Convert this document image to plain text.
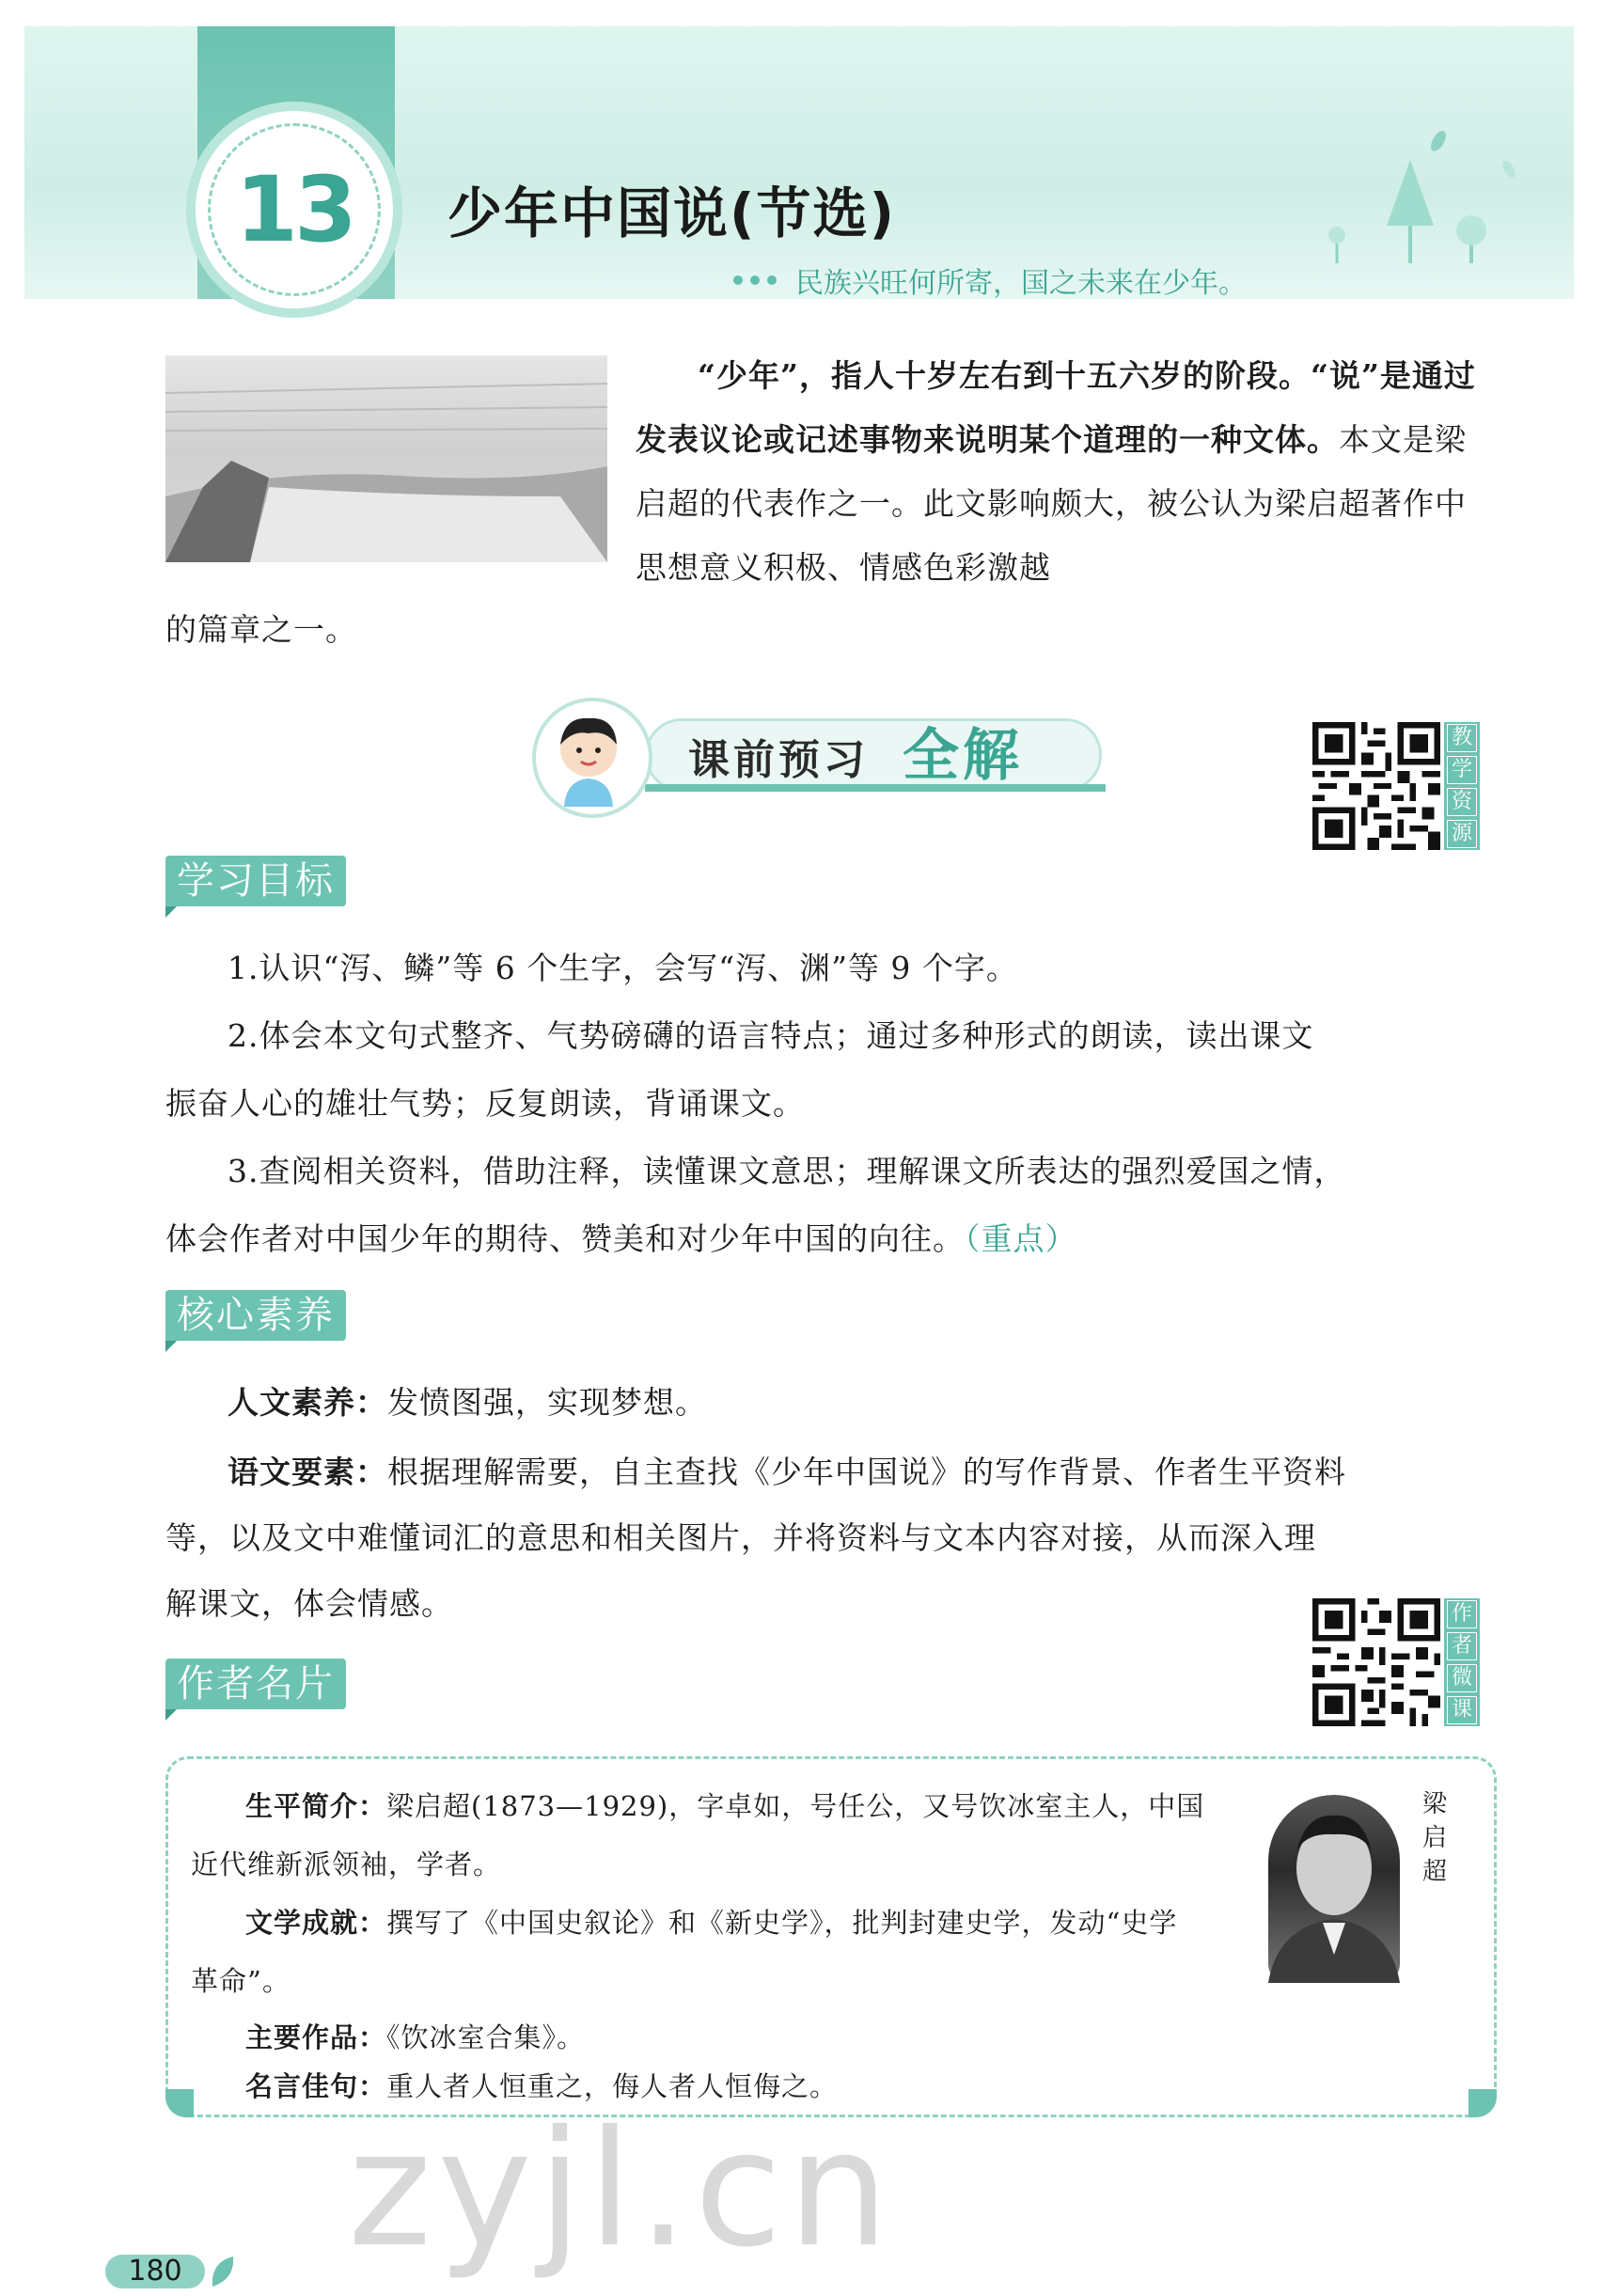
13	少年中国说(节选)
民族兴旺何所寄，国之未来在少年。
“少年”，指人十岁左右到十五六岁的阶段。“说”是通过发表议论或记述事物来说明某个道理的一种文体。本文是梁启超的代表作之一。此文影响颇大，被公认为梁启超著作中思想意义积极、情感色彩激越
的篇章之一。
课前预习 全解	教
学
资
源
学习目标
1.认识“泻、鳞”等 6 个生字，会写“泻、渊”等 9 个字。
2.体会本文句式整齐、气势磅礴的语言特点；通过多种形式的朗读，读出课文
振奋人心的雄壮气势；反复朗读，背诵课文。
3.查阅相关资料，借助注释，读懂课文意思；理解课文所表达的强烈爱国之情，
体会作者对中国少年的期待、赞美和对少年中国的向往。（重点）
核心素养
人文素养：发愤图强，实现梦想。
语文要素：根据理解需要，自主查找《少年中国说》的写作背景、作者生平资料
等，以及文中难懂词汇的意思和相关图片，并将资料与文本内容对接，从而深入理
解课文，体会情感。	作
者
微
课
作者名片
生平简介：梁启超(1873—1929)，字卓如，号任公，又号饮冰室主人，中国
近代维新派领袖，学者。
文学成就：撰写了《中国史叙论》和《新史学》，批判封建史学，发动“史学
革命”。
主要作品：《饮冰室合集》。
名言佳句：重人者人恒重之，侮人者人恒侮之。
梁启超
zyjl.cn
180
